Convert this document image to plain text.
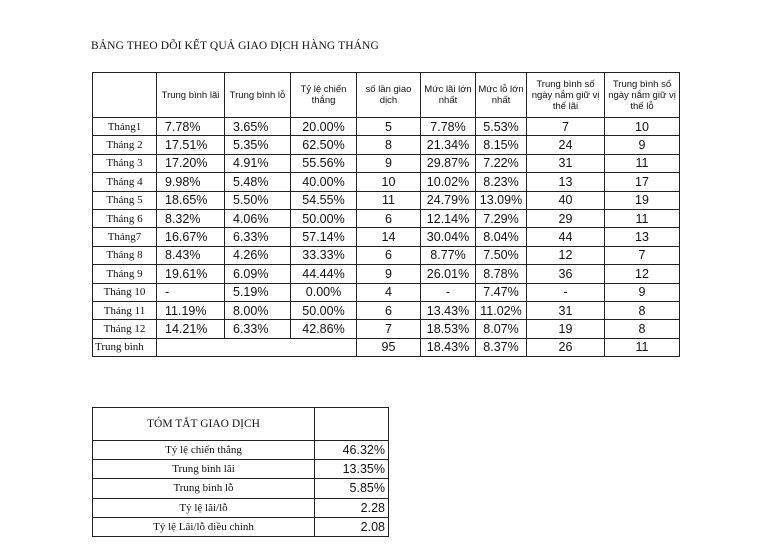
BẢNG THEO DÕI KẾT QUẢ GIAO DỊCH HÀNG THÁNG
	Trung bình lãi	Trung bình lỗ	Tỷ lệ chiến thắng	số lần giao dịch	Mức lãi lớn nhất	Mức lỗ lớn nhất	Trung bình số ngày nắm giữ vị thế lãi	Trung bình số ngày nắm giữ vị thế lỗ
Tháng1	7.78%	3.65%	20.00%	5	7.78%	5.53%	7	10
Tháng 2	17.51%	5.35%	62.50%	8	21.34%	8.15%	24	9
Tháng 3	17.20%	4.91%	55.56%	9	29.87%	7.22%	31	11
Tháng 4	9.98%	5.48%	40.00%	10	10.02%	8.23%	13	17
Tháng 5	18.65%	5.50%	54.55%	11	24.79%	13.09%	40	19
Tháng 6	8.32%	4.06%	50.00%	6	12.14%	7.29%	29	11
Tháng7	16.67%	6.33%	57.14%	14	30.04%	8.04%	44	13
Tháng 8	8.43%	4.26%	33.33%	6	8.77%	7.50%	12	7
Tháng 9	19.61%	6.09%	44.44%	9	26.01%	8.78%	36	12
Tháng 10	-	5.19%	0.00%	4	-	7.47%	-	9
Tháng 11	11.19%	8.00%	50.00%	6	13.43%	11.02%	31	8
Tháng 12	14.21%	6.33%	42.86%	7	18.53%	8.07%	19	8
Trung bình				95	18.43%	8.37%	26	11
TÓM TẮT GIAO DỊCH	
Tỷ lệ chiến thắng	46.32%
Trung bình lãi	13.35%
Trung bình lỗ	5.85%
Tỷ lệ lãi/lỗ	2.28
Tỷ lệ Lãi/lỗ điều chỉnh	2.08
